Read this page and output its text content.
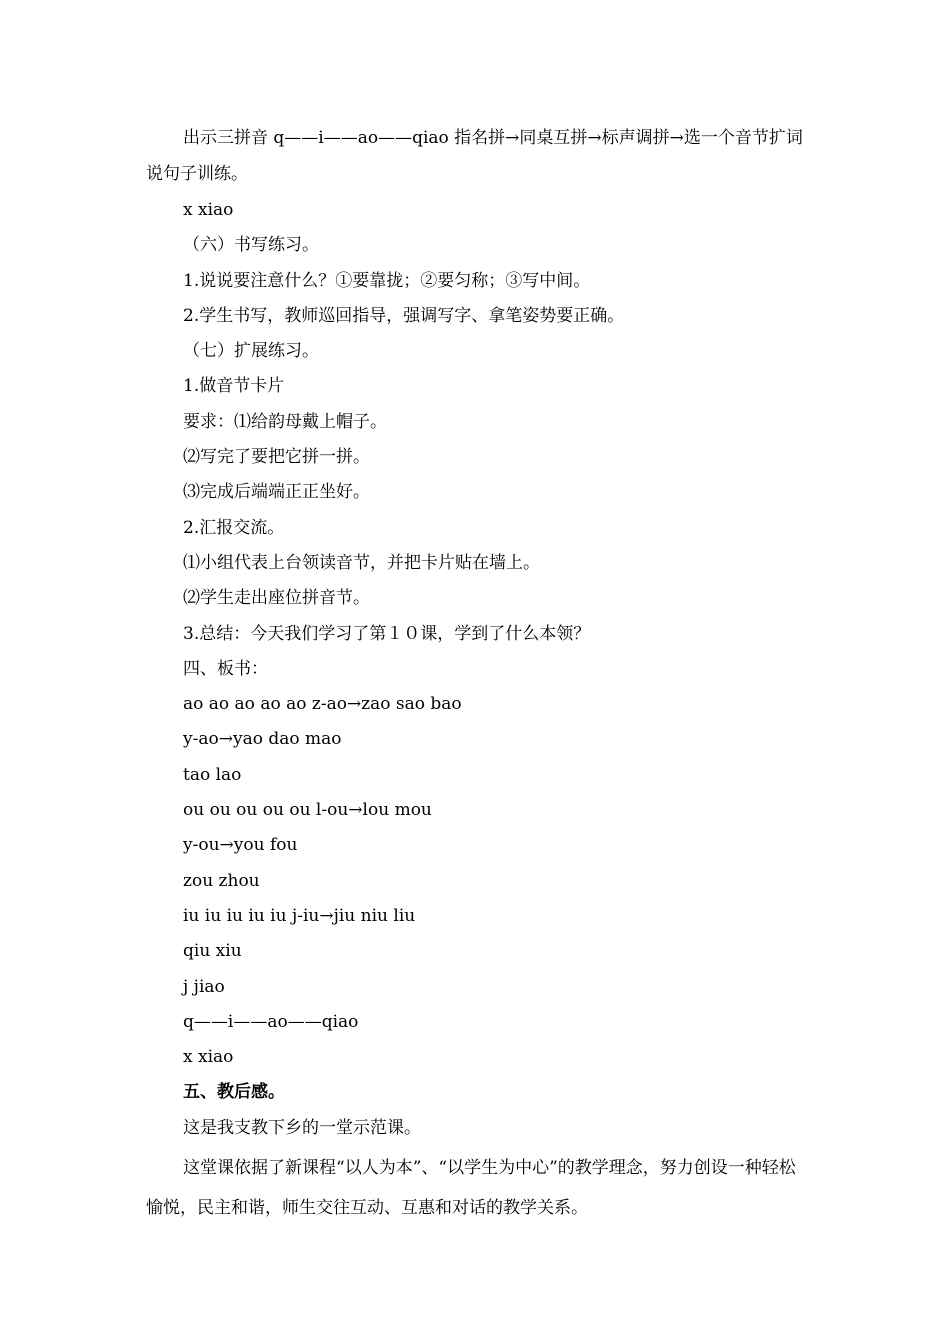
出示三拼音 q——i——ao——qiao 指名拼→同桌互拼→标声调拼→选一个音节扩词说句子训练。
x xiao
（六）书写练习。
1.说说要注意什么？①要靠拢；②要匀称；③写中间。
2.学生书写，教师巡回指导，强调写字、拿笔姿势要正确。
（七）扩展练习。
1.做音节卡片
要求：⑴给韵母戴上帽子。
⑵写完了要把它拼一拼。
⑶完成后端端正正坐好。
2.汇报交流。
⑴小组代表上台领读音节，并把卡片贴在墙上。
⑵学生走出座位拼音节。
3.总结：今天我们学习了第１０课，学到了什么本领？
四、板书：
ao ao ao ao ao z-ao→zao sao bao
y-ao→yao dao mao
tao lao
ou ou ou ou ou l-ou→lou mou
y-ou→you fou
zou zhou
iu iu iu iu iu j-iu→jiu niu liu
qiu xiu
j jiao
q——i——ao——qiao
x xiao
五、教后感。
这是我支教下乡的一堂示范课。
这堂课依据了新课程“以人为本”、“以学生为中心”的教学理念，努力创设一种轻松愉悦，民主和谐，师生交往互动、互惠和对话的教学关系。
